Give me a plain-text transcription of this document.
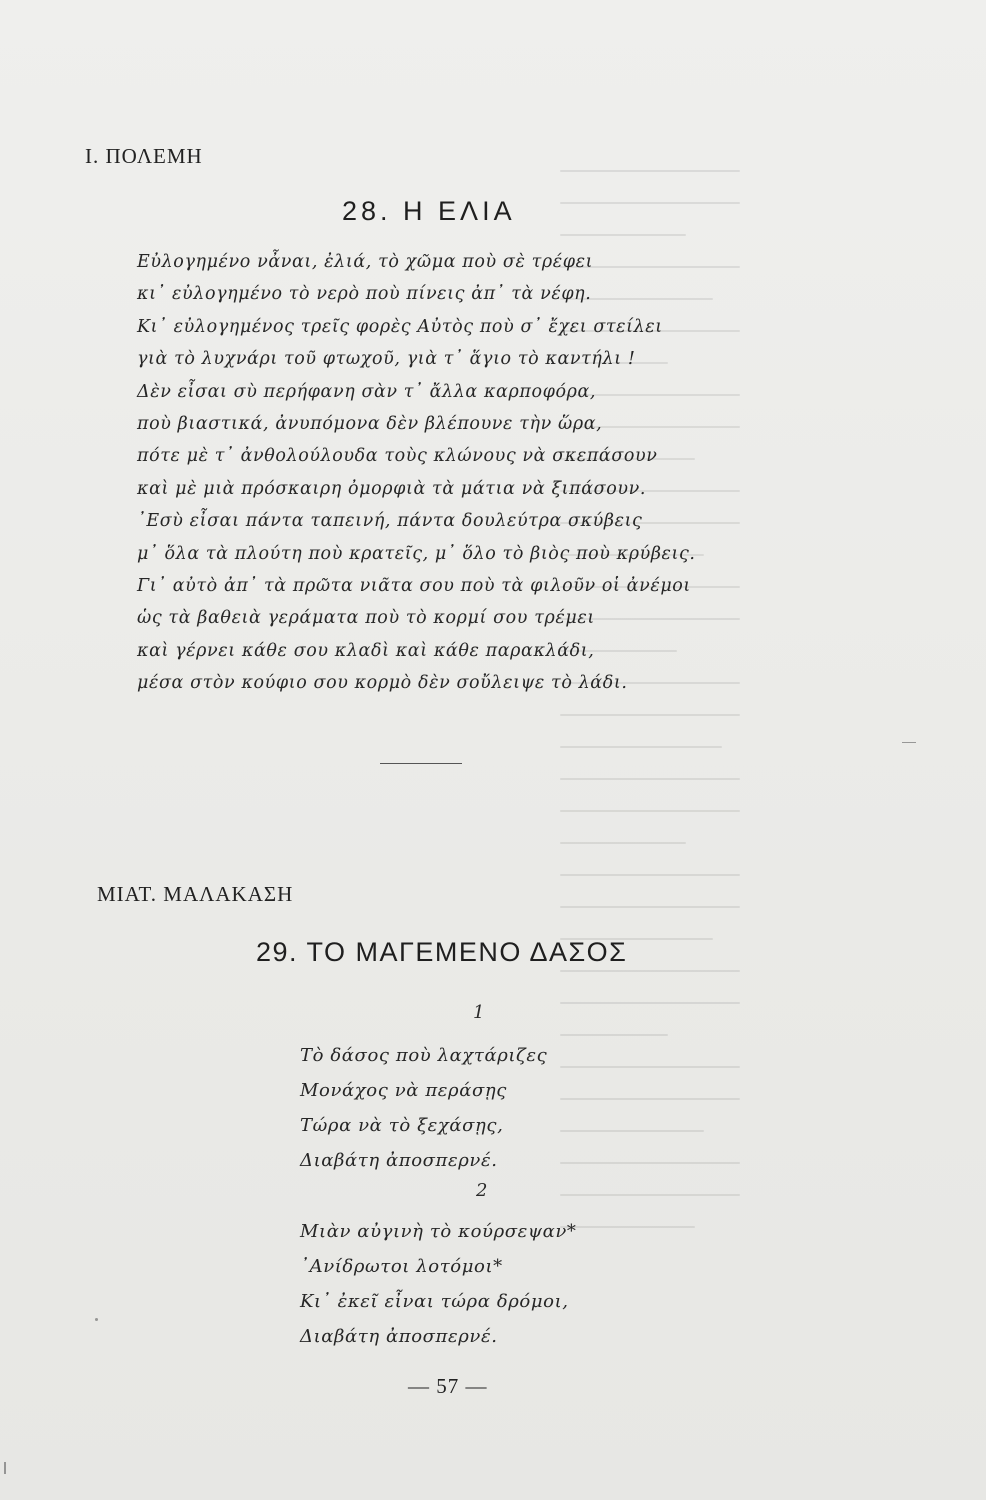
Ι. ΠΟΛΕΜΗ
28. Η ΕΛΙΑ
Εὐλογημένο νἆναι, ἐλιά, τὸ χῶμα ποὺ σὲ τρέφει
κι᾿ εὐλογημένο τὸ νερὸ ποὺ πίνεις ἀπ᾿ τὰ νέφη.
Κι᾿ εὐλογημένος τρεῖς φορὲς Αὐτὸς ποὺ σ᾿ ἔχει στείλει
γιὰ τὸ λυχνάρι τοῦ φτωχοῦ, γιὰ τ᾿ ἅγιο τὸ καντήλι !
Δὲν εἶσαι σὺ περήφανη σὰν τ᾿ ἄλλα καρποφόρα,
ποὺ βιαστικά, ἀνυπόμονα δὲν βλέπουνε τὴν ὥρα,
πότε μὲ τ᾿ ἀνθολούλουδα τοὺς κλώνους νὰ σκεπάσουν
καὶ μὲ μιὰ πρόσκαιρη ὀμορφιὰ τὰ μάτια νὰ ξιπάσουν.
᾿Εσὺ εἶσαι πάντα ταπεινή, πάντα δουλεύτρα σκύβεις
μ᾿ ὅλα τὰ πλούτη ποὺ κρατεῖς, μ᾿ ὅλο τὸ βιὸς ποὺ κρύβεις.
Γι᾿ αὐτὸ ἀπ᾿ τὰ πρῶτα νιᾶτα σου ποὺ τὰ φιλοῦν οἱ ἀνέμοι
ὡς τὰ βαθειὰ γεράματα ποὺ τὸ κορμί σου τρέμει
καὶ γέρνει κάθε σου κλαδὶ καὶ κάθε παρακλάδι,
μέσα στὸν κούφιο σου κορμὸ δὲν σοὔλειψε τὸ λάδι.
ΜΙΑΤ. ΜΑΛΑΚΑΣΗ
29. ΤΟ ΜΑΓΕΜΕΝΟ ΔΑΣΟΣ
1
Τὸ δάσος ποὺ λαχτάριζες
Μονάχος νὰ περάσῃς
Τώρα νὰ τὸ ξεχάσῃς,
Διαβάτη ἀποσπερνέ.
2
Μιὰν αὐγινὴ τὸ κούρσεψαν*
᾿Ανίδρωτοι λοτόμοι*
Κι᾿ ἐκεῖ εἶναι τώρα δρόμοι,
Διαβάτη ἀποσπερνέ.
— 57 —
